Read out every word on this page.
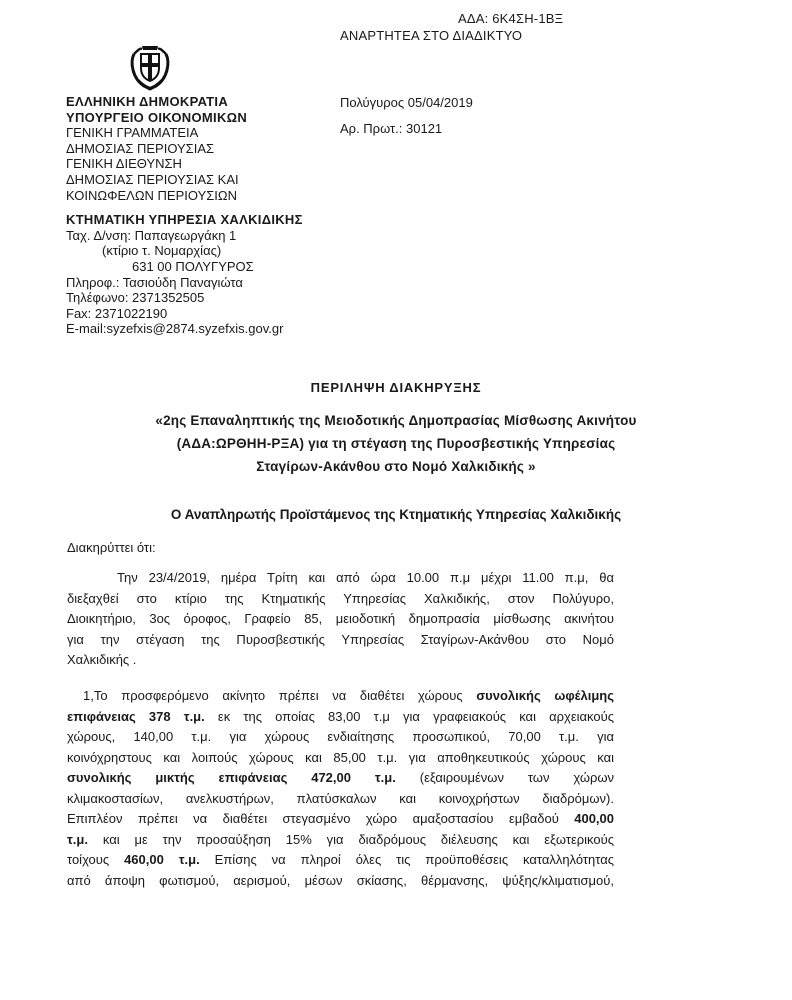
ΑΔΑ: 6Κ4ΣΗ-1ΒΞ
ΑΝΑΡΤΗΤΕΑ ΣΤΟ ΔΙΑΔΙΚΤΥΟ
ΕΛΛΗΝΙΚΗ ΔΗΜΟΚΡΑΤΙΑ
ΥΠΟΥΡΓΕΙΟ ΟΙΚΟΝΟΜΙΚΩΝ
ΓΕΝΙΚΗ ΓΡΑΜΜΑΤΕΙΑ
ΔΗΜΟΣΙΑΣ ΠΕΡΙΟΥΣΙΑΣ
ΓΕΝΙΚΗ ΔΙΕΘΥΝΣΗ
ΔΗΜΟΣΙΑΣ ΠΕΡΙΟΥΣΙΑΣ ΚΑΙ
ΚΟΙΝΩΦΕΛΩΝ ΠΕΡΙΟΥΣΙΩΝ
ΚΤΗΜΑΤΙΚΗ ΥΠΗΡΕΣΙΑ ΧΑΛΚΙΔΙΚΗΣ
Ταχ. Δ/νση: Παπαγεωργάκη 1
(κτίριο τ. Νομαρχίας)
631 00 ΠΟΛΥΓΥΡΟΣ
Πληροφ.: Τασιούδη Παναγιώτα
Τηλέφωνο: 2371352505
Fax: 2371022190
E-mail:syzefxis@2874.syzefxis.gov.gr
Πολύγυρος 05/04/2019
Αρ. Πρωτ.: 30121
ΠΕΡΙΛΗΨΗ ΔΙΑΚΗΡΥΞΗΣ
«2ης Επαναληπτικής της Μειοδοτικής Δημοπρασίας Μίσθωσης Ακινήτου
(ΑΔΑ:ΩΡΘΗΗ-ΡΞΑ) για τη στέγαση της Πυροσβεστικής Υπηρεσίας
Σταγίρων-Ακάνθου στο Νομό Χαλκιδικής »
Ο Αναπληρωτής Προϊστάμενος της Κτηματικής Υπηρεσίας Χαλκιδικής
Διακηρύττει ότι:
Την 23/4/2019, ημέρα Τρίτη και από ώρα 10.00 π.μ μέχρι 11.00 π.μ, θα
διεξαχθεί στο κτίριο της Κτηματικής Υπηρεσίας Χαλκιδικής, στον Πολύγυρο,
Διοικητήριο, 3ος όροφος, Γραφείο 85, μειοδοτική δημοπρασία μίσθωσης ακινήτου
για την στέγαση της Πυροσβεστικής Υπηρεσίας Σταγίρων-Ακάνθου στο Νομό
Χαλκιδικής .
1,Το προσφερόμενο ακίνητο πρέπει να διαθέτει χώρους συνολικής ωφέλιμης
επιφάνειας 378 τ.μ. εκ της οποίας 83,00 τ.μ για γραφειακούς και αρχειακούς
χώρους, 140,00 τ.μ. για χώρους ενδιαίτησης προσωπικού, 70,00 τ.μ. για
κοινόχρηστους και λοιπούς χώρους και 85,00 τ.μ. για αποθηκευτικούς χώρους και
συνολικής μικτής επιφάνειας 472,00 τ.μ. (εξαιρουμένων των χώρων
κλιμακοστασίων, ανελκυστήρων, πλατύσκαλων και κοινοχρήστων διαδρόμων).
Επιπλέον πρέπει να διαθέτει στεγασμένο χώρο αμαξοστασίου εμβαδού 400,00
τ.μ. και με την προσαύξηση 15% για διαδρόμους διέλευσης και εξωτερικούς
τοίχους 460,00 τ.μ. Επίσης να πληροί όλες τις προϋποθέσεις καταλληλότητας
από άποψη φωτισμού, αερισμού, μέσων σκίασης, θέρμανσης, ψύξης/κλιματισμού,
